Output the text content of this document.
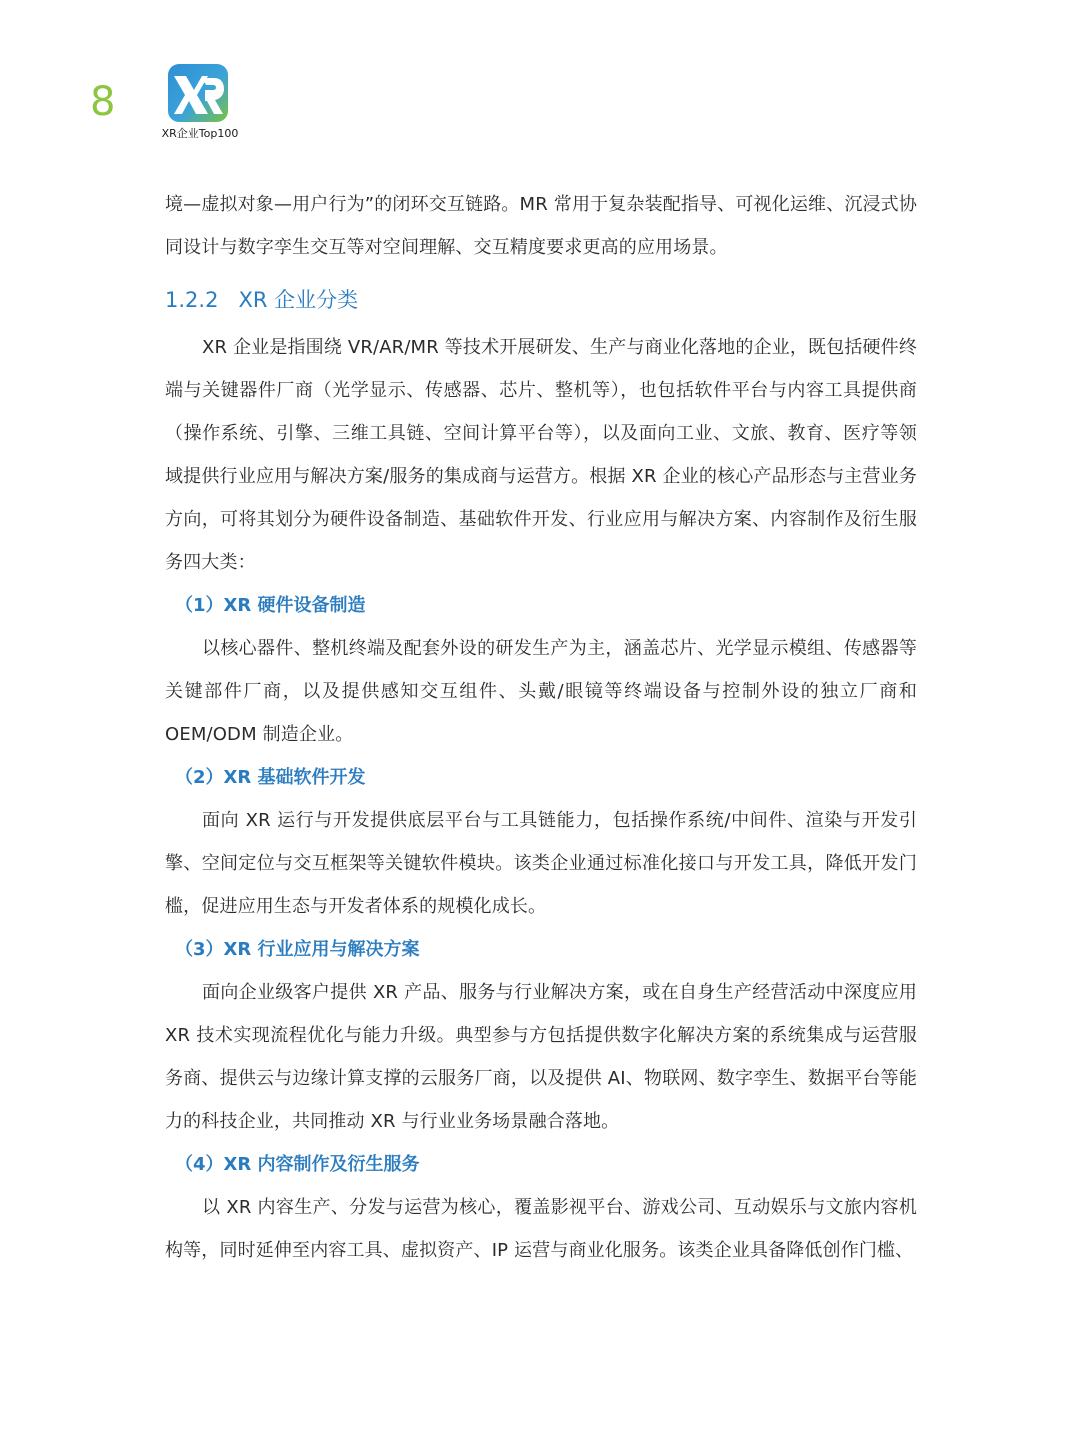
8
XR企业Top100

境—虚拟对象—用户行为”的闭环交互链路。MR 常用于复杂装配指导、可视化运维、沉浸式协同设计与数字孪生交互等对空间理解、交互精度要求更高的应用场景。

1.2.2 XR 企业分类

XR 企业是指围绕 VR/AR/MR 等技术开展研发、生产与商业化落地的企业，既包括硬件终端与关键器件厂商（光学显示、传感器、芯片、整机等），也包括软件平台与内容工具提供商（操作系统、引擎、三维工具链、空间计算平台等），以及面向工业、文旅、教育、医疗等领域提供行业应用与解决方案/服务的集成商与运营方。根据 XR 企业的核心产品形态与主营业务方向，可将其划分为硬件设备制造、基础软件开发、行业应用与解决方案、内容制作及衍生服务四大类：

（1）XR 硬件设备制造

以核心器件、整机终端及配套外设的研发生产为主，涵盖芯片、光学显示模组、传感器等关键部件厂商，以及提供感知交互组件、头戴/眼镜等终端设备与控制外设的独立厂商和 OEM/ODM 制造企业。

（2）XR 基础软件开发

面向 XR 运行与开发提供底层平台与工具链能力，包括操作系统/中间件、渲染与开发引擎、空间定位与交互框架等关键软件模块。该类企业通过标准化接口与开发工具，降低开发门槛，促进应用生态与开发者体系的规模化成长。

（3）XR 行业应用与解决方案

面向企业级客户提供 XR 产品、服务与行业解决方案，或在自身生产经营活动中深度应用 XR 技术实现流程优化与能力升级。典型参与方包括提供数字化解决方案的系统集成与运营服务商、提供云与边缘计算支撑的云服务厂商，以及提供 AI、物联网、数字孪生、数据平台等能力的科技企业，共同推动 XR 与行业业务场景融合落地。

（4）XR 内容制作及衍生服务

以 XR 内容生产、分发与运营为核心，覆盖影视平台、游戏公司、互动娱乐与文旅内容机构等，同时延伸至内容工具、虚拟资产、IP 运营与商业化服务。该类企业具备降低创作门槛、
